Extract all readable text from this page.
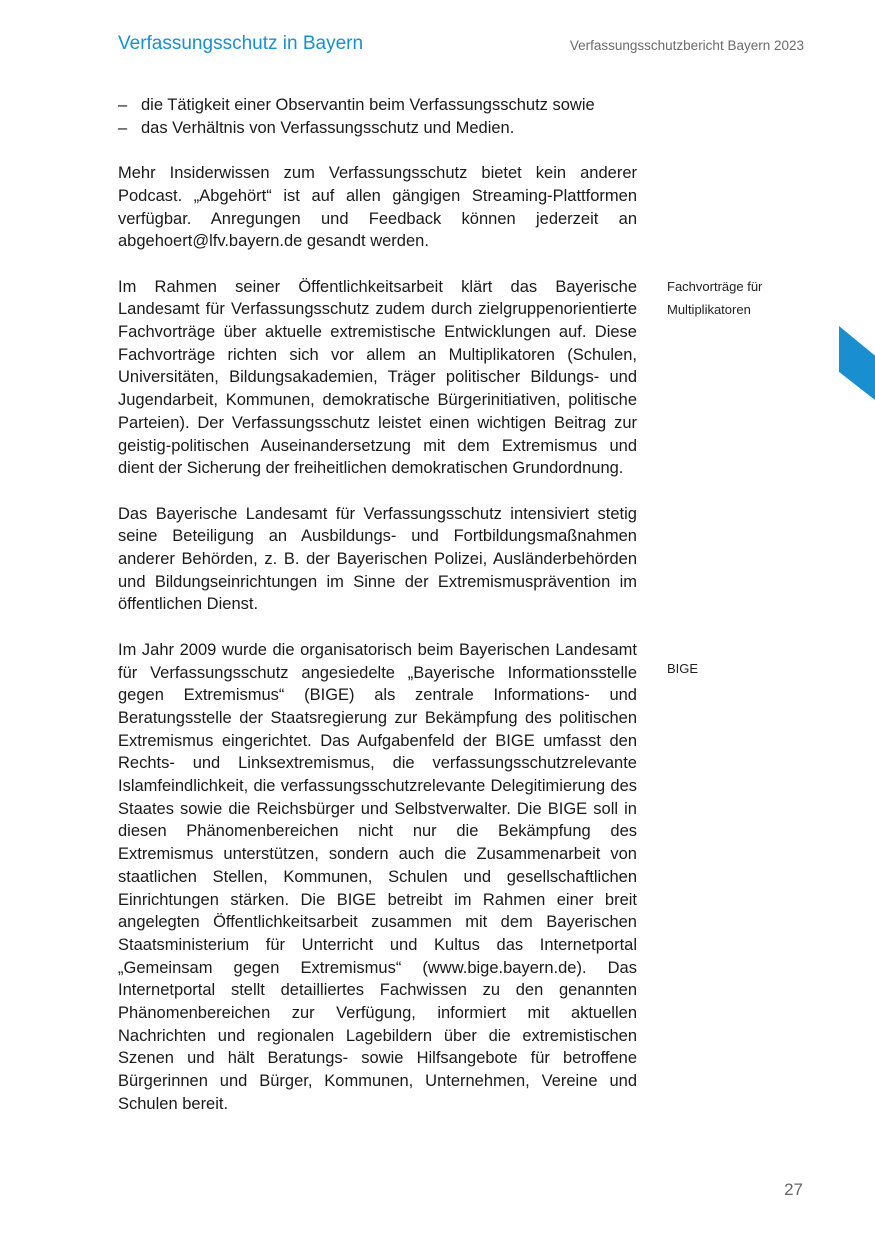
Verfassungsschutz in Bayern	Verfassungsschutzbericht Bayern 2023
– die Tätigkeit einer Observantin beim Verfassungsschutz sowie
– das Verhältnis von Verfassungsschutz und Medien.

Mehr Insiderwissen zum Verfassungsschutz bietet kein anderer Podcast. „Abgehört“ ist auf allen gängigen Streaming-Plattformen verfügbar. Anregungen und Feedback können jederzeit an abgehoert@lfv.bayern.de gesandt werden.

Im Rahmen seiner Öffentlichkeitsarbeit klärt das Bayerische Landesamt für Verfassungsschutz zudem durch zielgruppenorientierte Fachvorträge über aktuelle extremistische Entwicklungen auf. Diese Fachvorträge richten sich vor allem an Multiplikatoren (Schulen, Universitäten, Bildungsakademien, Träger politischer Bildungs- und Jugendarbeit, Kommunen, demokratische Bürgerinitiativen, politische Parteien). Der Verfassungsschutz leistet einen wichtigen Beitrag zur geistig-politischen Auseinandersetzung mit dem Extremismus und dient der Sicherung der freiheitlichen demokratischen Grundordnung.

Das Bayerische Landesamt für Verfassungsschutz intensiviert stetig seine Beteiligung an Ausbildungs- und Fortbildungsmaßnahmen anderer Behörden, z. B. der Bayerischen Polizei, Ausländerbehörden und Bildungseinrichtungen im Sinne der Extremismusprävention im öffentlichen Dienst.

Im Jahr 2009 wurde die organisatorisch beim Bayerischen Landesamt für Verfassungsschutz angesiedelte „Bayerische Informationsstelle gegen Extremismus“ (BIGE) als zentrale Informations- und Beratungsstelle der Staatsregierung zur Bekämpfung des politischen Extremismus eingerichtet. Das Aufgabenfeld der BIGE umfasst den Rechts- und Linksextremismus, die verfassungsschutzrelevante Islamfeindlichkeit, die verfassungsschutzrelevante Delegitimierung des Staates sowie die Reichsbürger und Selbstverwalter. Die BIGE soll in diesen Phänomenbereichen nicht nur die Bekämpfung des Extremismus unterstützen, sondern auch die Zusammenarbeit von staatlichen Stellen, Kommunen, Schulen und gesellschaftlichen Einrichtungen stärken. Die BIGE betreibt im Rahmen einer breit angelegten Öffentlichkeitsarbeit zusammen mit dem Bayerischen Staatsministerium für Unterricht und Kultus das Internetportal „Gemeinsam gegen Extremismus“ (www.bige.bayern.de). Das Internetportal stellt detailliertes Fachwissen zu den genannten Phänomenbereichen zur Verfügung, informiert mit aktuellen Nachrichten und regionalen Lagebildern über die extremistischen Szenen und hält Beratungs- sowie Hilfsangebote für betroffene Bürgerinnen und Bürger, Kommunen, Unternehmen, Vereine und Schulen bereit.

Fachvorträge für
Multiplikatoren
BIGE
27
